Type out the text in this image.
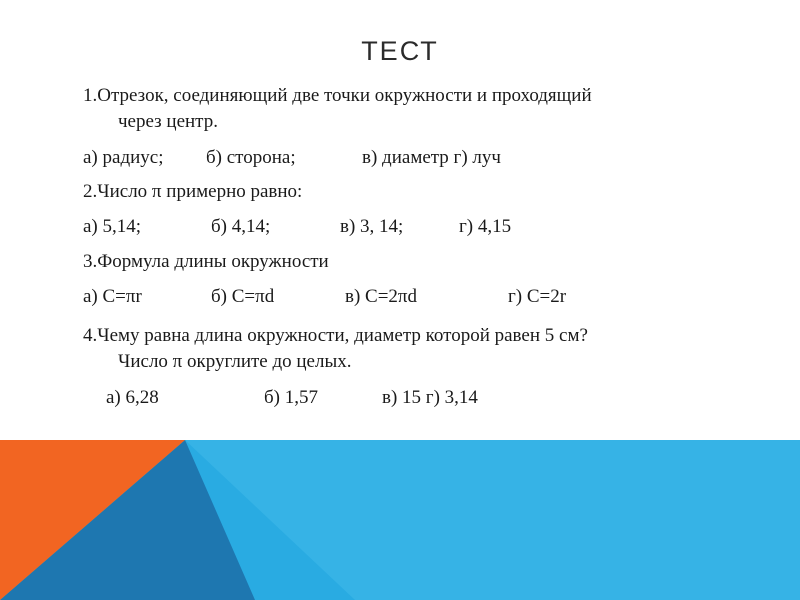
ТЕСТ
1.Отрезок, соединяющий две точки окружности и проходящий
через центр.
а) радиус; б) сторона;	в) диаметр г) луч
2.Число π примерно равно:
а) 5,14;	б) 4,14;	в) 3, 14;	г) 4,15
3.Формула длины окружности
а) C=πr	б) C=πd	в) C=2πd	г) C=2r
4.Чему равна длина окружности, диаметр которой равен 5 см?
Число π округлите до целых.
а) 6,28	б) 1,57	в) 15 г) 3,14
